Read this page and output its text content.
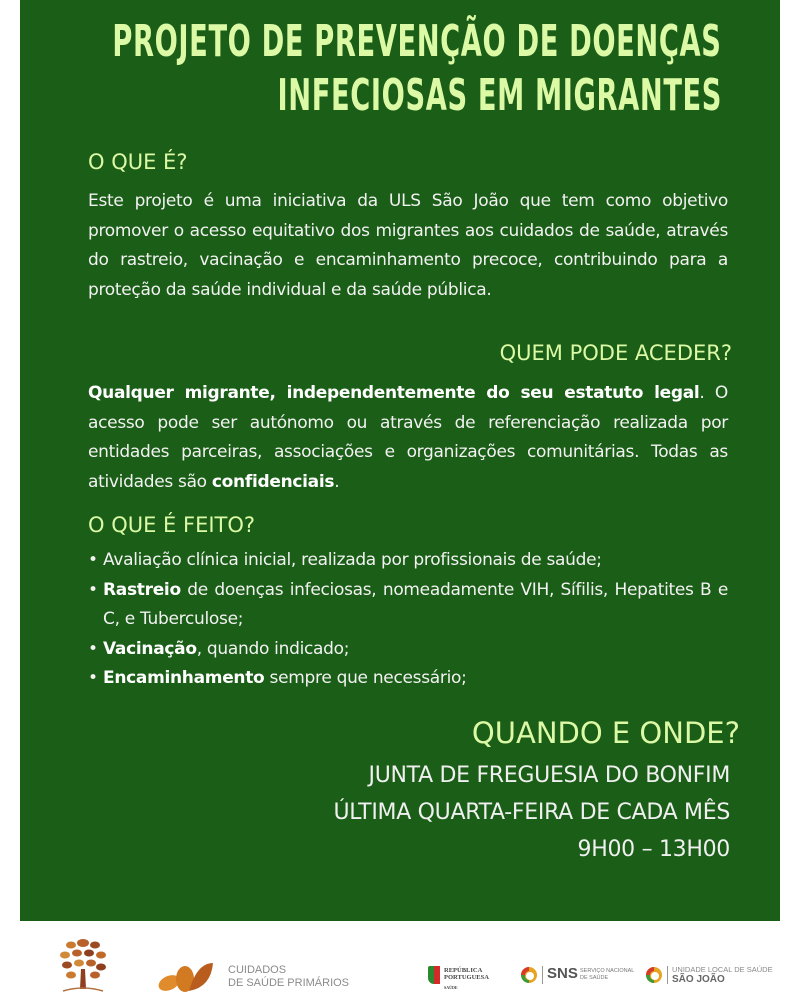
PROJETO DE PREVENÇÃO DE DOENÇAS
INFECIOSAS EM MIGRANTES
O QUE É?
Este projeto é uma iniciativa da ULS São João que tem como objetivo promover o acesso equitativo dos migrantes aos cuidados de saúde, através do rastreio, vacinação e encaminhamento precoce, contribuindo para a proteção da saúde individual e da saúde pública.
QUEM PODE ACEDER?
Qualquer migrante, independentemente do seu estatuto legal. O acesso pode ser autónomo ou através de referenciação realizada por entidades parceiras, associações e organizações comunitárias. Todas as atividades são confidenciais.
O QUE É FEITO?
• Avaliação clínica inicial, realizada por profissionais de saúde;
• Rastreio de doenças infeciosas, nomeadamente VIH, Sífilis, Hepatites B e C, e Tuberculose;
• Vacinação, quando indicado;
• Encaminhamento sempre que necessário;
QUANDO E ONDE?
JUNTA DE FREGUESIA DO BONFIM
ÚLTIMA QUARTA-FEIRA DE CADA MÊS
9H00 – 13H00
CUIDADOS
DE SAÚDE PRIMÁRIOS
REPÚBLICA
PORTUGUESA
SAÚDE
SNS SERVIÇO NACIONAL
DE SAÚDE
UNIDADE LOCAL DE SAÚDE
SÃO JOÃO
